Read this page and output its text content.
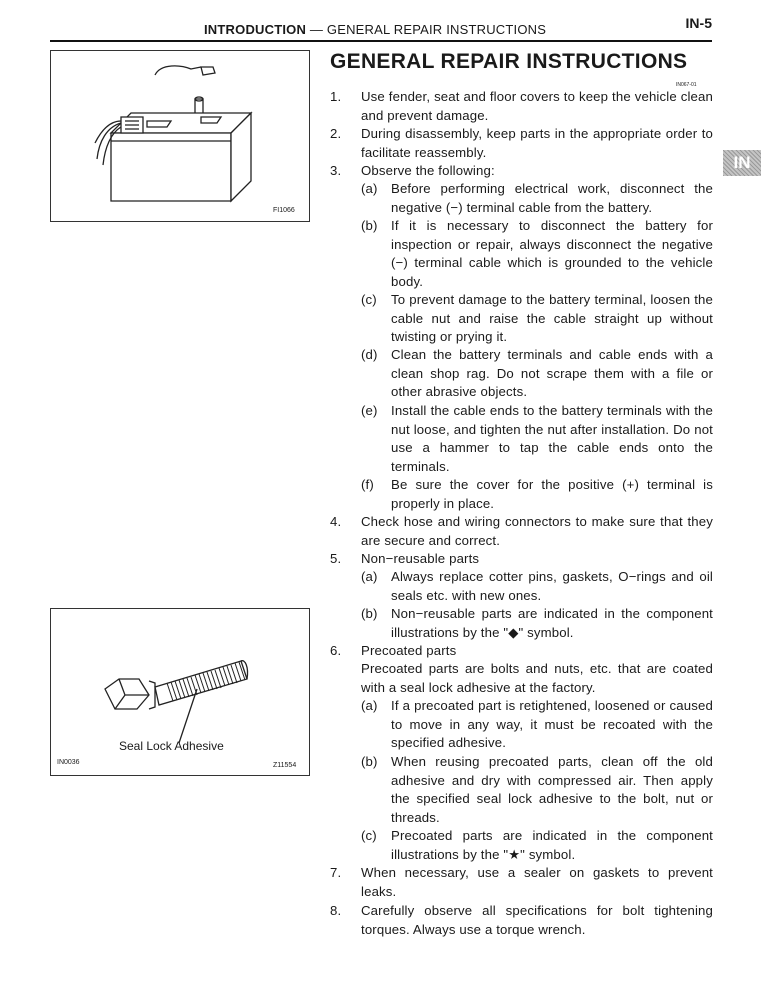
INTRODUCTION — GENERAL REPAIR INSTRUCTIONS	IN-5
IN
FI1066
Seal Lock Adhesive
IN0036	Z11554
GENERAL REPAIR INSTRUCTIONS
IN067-01
1. Use fender, seat and floor covers to keep the vehicle clean and prevent damage.
2. During disassembly, keep parts in the appropriate order to facilitate reassembly.
3. Observe the following:
(a) Before performing electrical work, disconnect the negative (−) terminal cable from the battery.
(b) If it is necessary to disconnect the battery for inspection or repair, always disconnect the negative (−) terminal cable which is grounded to the vehicle body.
(c) To prevent damage to the battery terminal, loosen the cable nut and raise the cable straight up without twisting or prying it.
(d) Clean the battery terminals and cable ends with a clean shop rag. Do not scrape them with a file or other abrasive objects.
(e) Install the cable ends to the battery terminals with the nut loose, and tighten the nut after installation. Do not use a hammer to tap the cable ends onto the terminals.
(f) Be sure the cover for the positive (+) terminal is properly in place.
4. Check hose and wiring connectors to make sure that they are secure and correct.
5. Non−reusable parts
(a) Always replace cotter pins, gaskets, O−rings and oil seals etc. with new ones.
(b) Non−reusable parts are indicated in the component illustrations by the "◆" symbol.
6. Precoated parts
Precoated parts are bolts and nuts, etc. that are coated with a seal lock adhesive at the factory.
(a) If a precoated part is retightened, loosened or caused to move in any way, it must be recoated with the specified adhesive.
(b) When reusing precoated parts, clean off the old adhesive and dry with compressed air. Then apply the specified seal lock adhesive to the bolt, nut or threads.
(c) Precoated parts are indicated in the component illustrations by the "★" symbol.
7. When necessary, use a sealer on gaskets to prevent leaks.
8. Carefully observe all specifications for bolt tightening torques. Always use a torque wrench.
